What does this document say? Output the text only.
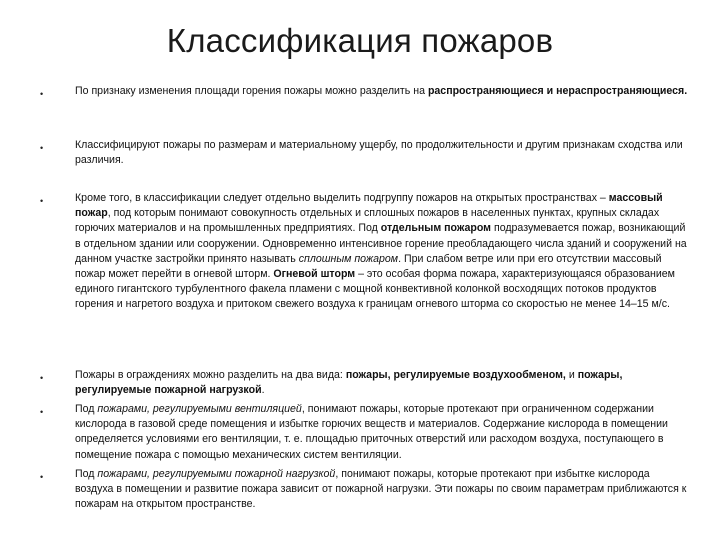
Классификация пожаров
•	По признаку изменения площади горения пожары можно разделить на распространяющиеся и нераспространяющиеся.
•	Классифицируют пожары по размерам и материальному ущербу, по продолжительности и другим признакам сходства или различия.
•	Кроме того, в классификации следует отдельно выделить подгруппу пожаров на открытых пространствах – массовый пожар, под которым понимают совокупность отдельных и сплошных пожаров в населенных пунктах, крупных складах горючих материалов и на промышленных предприятиях. Под отдельным пожаром подразумевается пожар, возникающий в отдельном здании или сооружении. Одновременно интенсивное горение преобладающего числа зданий и сооружений на данном участке застройки принято называть сплошным пожаром. При слабом ветре или при его отсутствии массовый пожар может перейти в огневой шторм. Огневой шторм – это особая форма пожара, характеризующаяся образованием единого гигантского турбулентного факела пламени с мощной конвективной колонкой восходящих потоков продуктов горения и нагретого воздуха и притоком свежего воздуха к границам огневого шторма со скоростью не менее 14–15 м/с.
•	Пожары в ограждениях можно разделить на два вида: пожары, регулируемые воздухообменом, и пожары, регулируемые пожарной нагрузкой.
•	Под пожарами, регулируемыми вентиляцией, понимают пожары, которые протекают при ограниченном содержании кислорода в газовой среде помещения и избытке горючих веществ и материалов. Содержание кислорода в помещении определяется условиями его вентиляции, т. е. площадью приточных отверстий или расходом воздуха, поступающего в помещение пожара с помощью механических систем вентиляции.
•	Под пожарами, регулируемыми пожарной нагрузкой, понимают пожары, которые протекают при избытке кислорода воздуха в помещении и развитие пожара зависит от пожарной нагрузки. Эти пожары по своим параметрам приближаются к пожарам на открытом пространстве.
